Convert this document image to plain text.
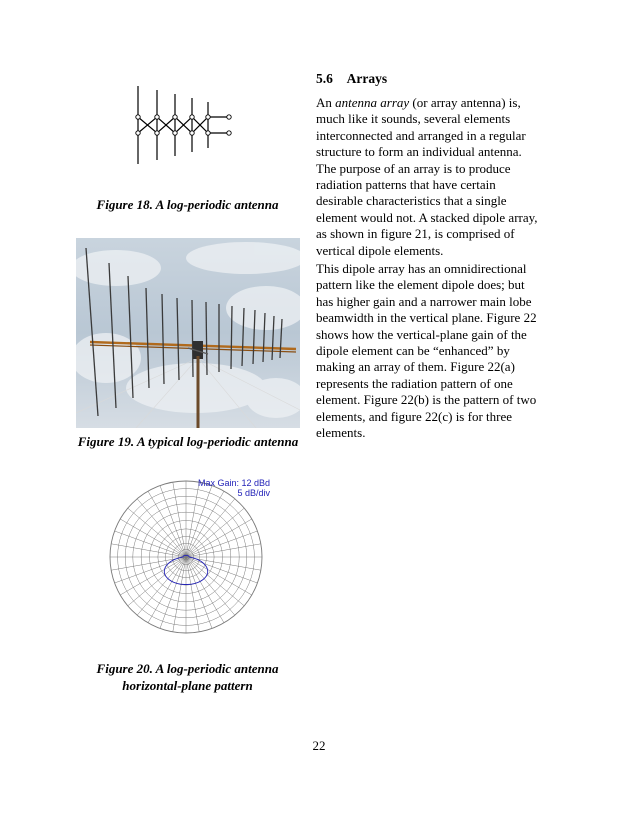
Figure 18. A log-periodic antenna
Figure 19. A typical log-periodic antenna
Max Gain: 12 dBd
5 dB/div
Figure 20. A log-periodic antenna
horizontal-plane pattern
5.6 Arrays
An antenna array (or array antenna) is, much like it sounds, several elements interconnected and arranged in a regular structure to form an individual antenna. The purpose of an array is to produce radiation patterns that have certain desirable characteristics that a single element would not. A stacked dipole array, as shown in figure 21, is comprised of vertical dipole elements.
This dipole array has an omnidirectional pattern like the element dipole does; but has higher gain and a narrower main lobe beamwidth in the vertical plane. Figure 22 shows how the vertical-plane gain of the dipole element can be “enhanced” by making an array of them. Figure 22(a) represents the radiation pattern of one element. Figure 22(b) is the pattern of two elements, and figure 22(c) is for three elements.
22
